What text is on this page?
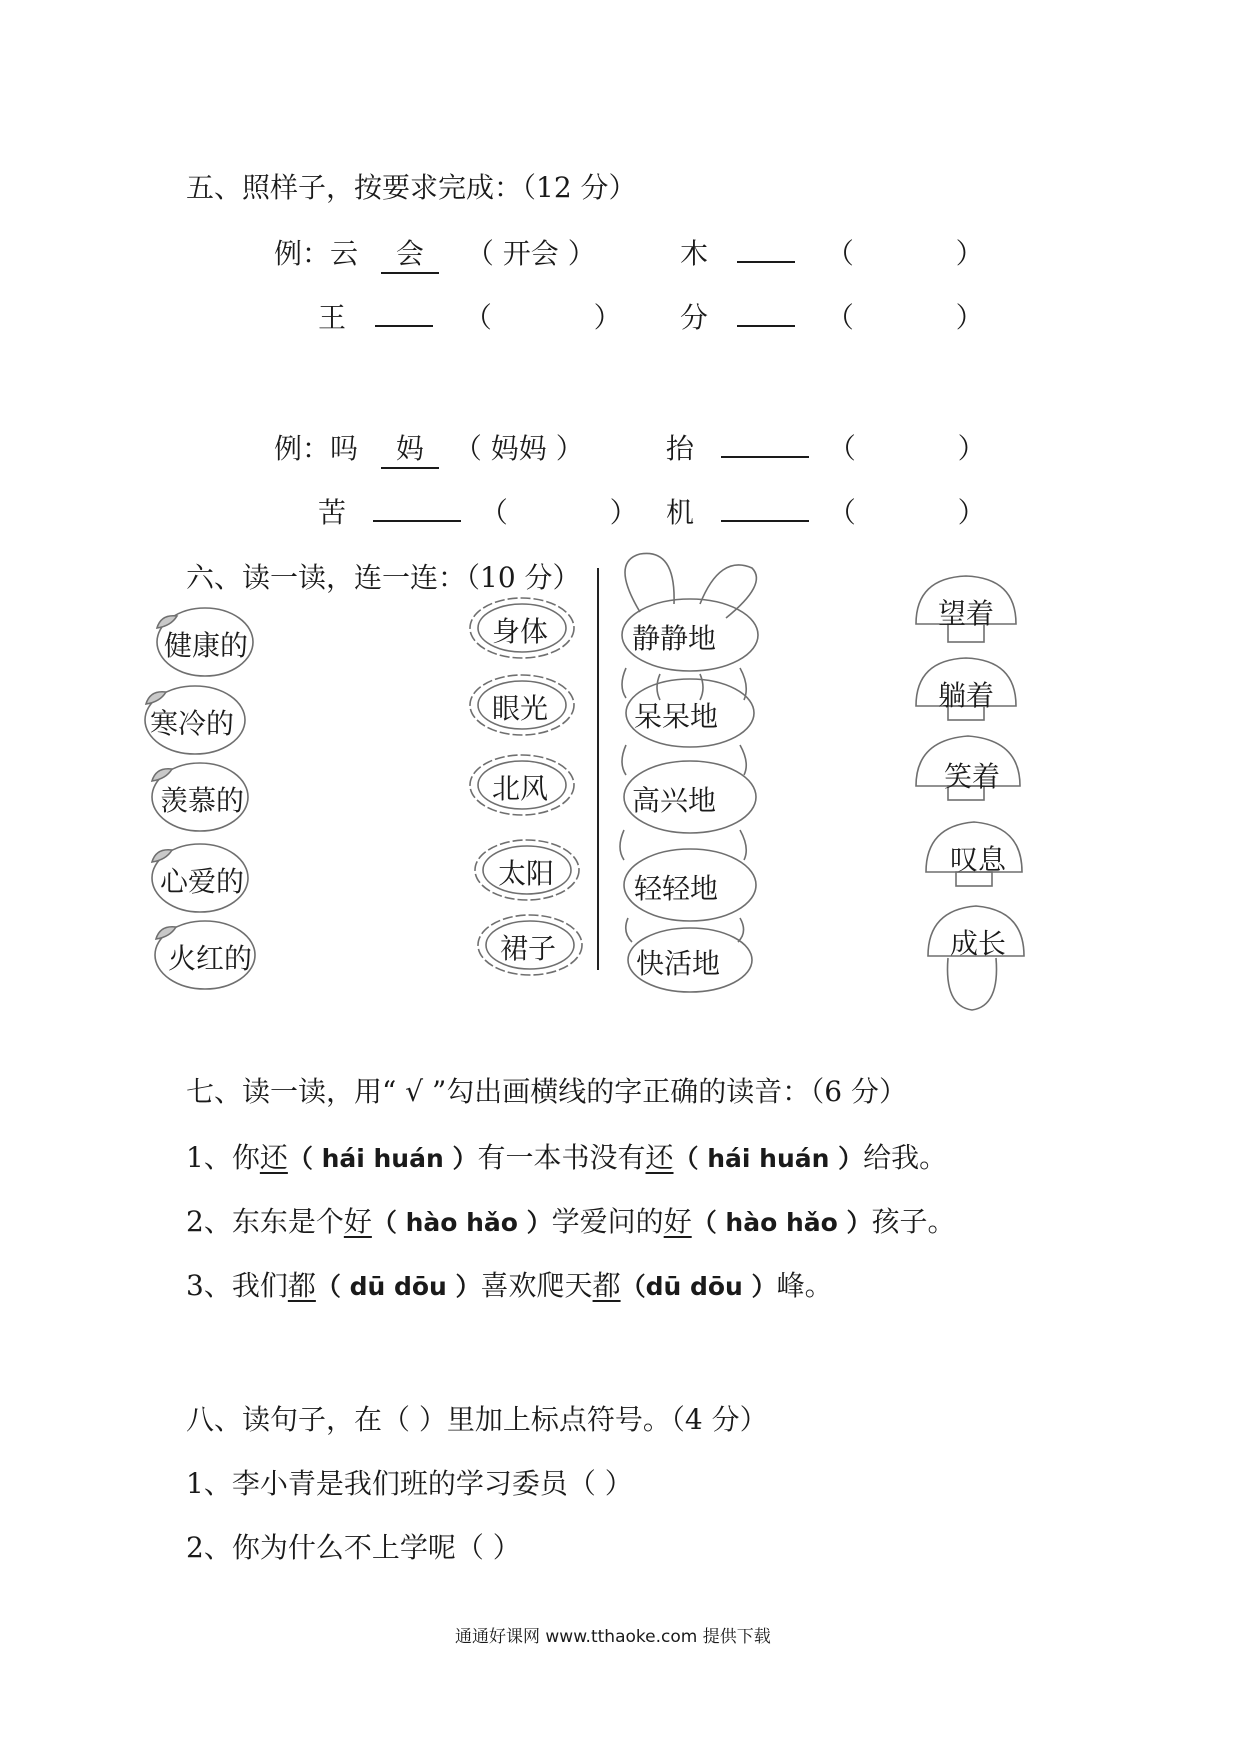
五、照样子，按要求完成：（12 分）
例：云 会 （ 开会 ）	木	（	）
王	（	） 分	（	）
例：吗 妈 （ 妈妈 ）	抬	（	）
苦	（	） 机	（	）
六、读一读，连一连：（10 分）
健康的
寒冷的
羡慕的
心爱的
火红的
身体
眼光
北风
太阳
裙子
静静地
呆呆地
高兴地
轻轻地
快活地
望着
躺着
笑着
叹息
成长
七、读一读，用“ √ ”勾出画横线的字正确的读音：（6 分）
1、你还（ hái huán ）有一本书没有还（ hái huán ）给我。
2、东东是个好（ hào hǎo ）学爱问的好（ hào hǎo ）孩子。
3、我们都（ dū dōu ）喜欢爬天都（dū dōu ）峰。
八、读句子，在（ ）里加上标点符号。（4 分）
1、李小青是我们班的学习委员（ ）
2、你为什么不上学呢（ ）
通通好课网 www.tthaoke.com 提供下载
